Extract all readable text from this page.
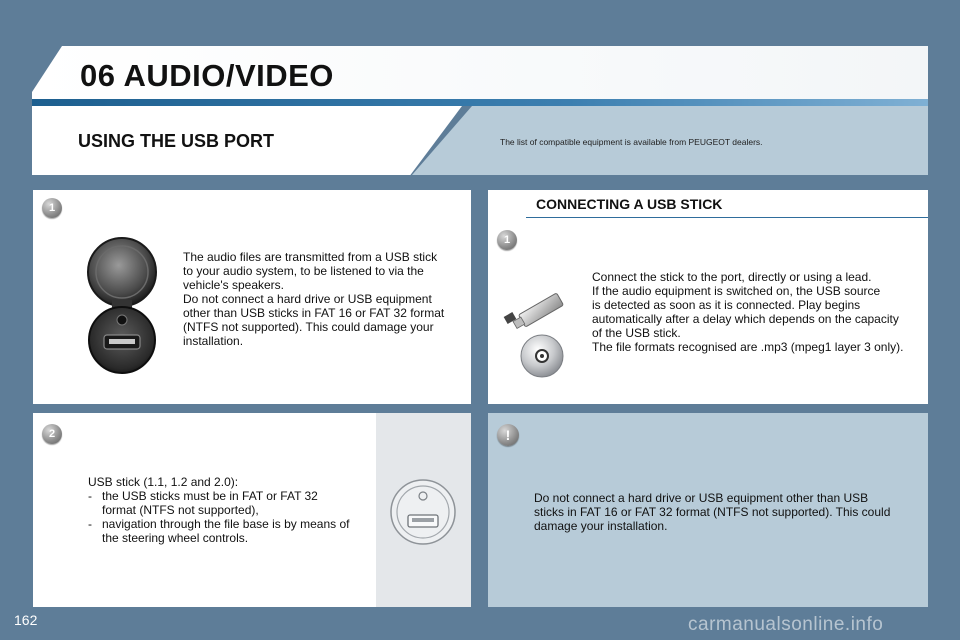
06 AUDIO/VIDEO
USING THE USB PORT	The list of compatible equipment is available from PEUGEOT dealers.
1
The audio files are transmitted from a USB stick
to your audio system, to be listened to via the
vehicle's speakers.
Do not connect a hard drive or USB equipment
other than USB sticks in FAT 16 or FAT 32 format
(NTFS not supported). This could damage your
installation.
2
USB stick (1.1, 1.2 and 2.0):
- the USB sticks must be in FAT or FAT 32
format (NTFS not supported),
- navigation through the file base is by means of
the steering wheel controls.
CONNECTING A USB STICK
1
Connect the stick to the port, directly or using a lead.
If the audio equipment is switched on, the USB source
is detected as soon as it is connected. Play begins
automatically after a delay which depends on the capacity
of the USB stick.
The file formats recognised are .mp3 (mpeg1 layer 3 only).
!
Do not connect a hard drive or USB equipment other than USB
sticks in FAT 16 or FAT 32 format (NTFS not supported). This could
damage your installation.
162	carmanualsonline.info
